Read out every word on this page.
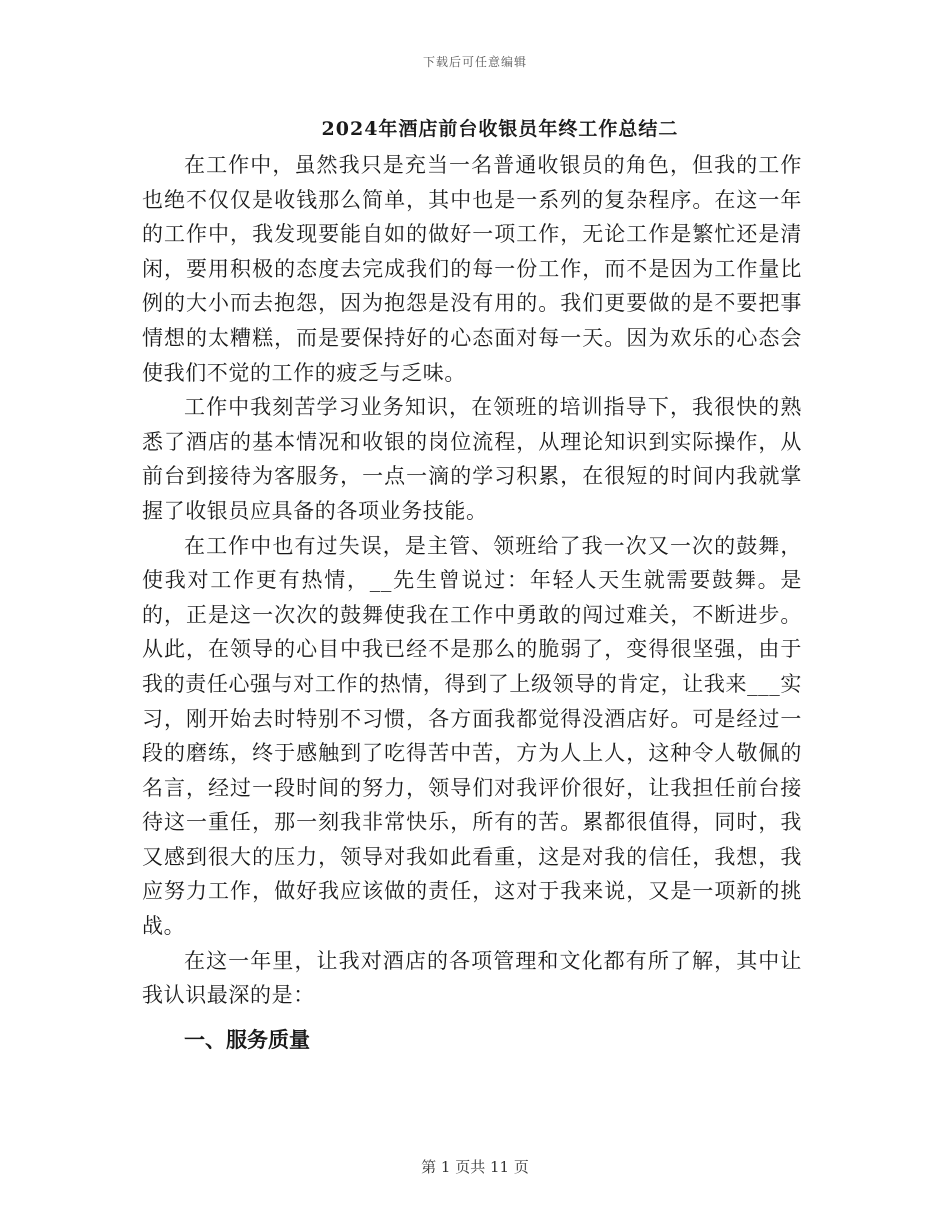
下载后可任意编辑
2024年酒店前台收银员年终工作总结二

在工作中，虽然我只是充当一名普通收银员的角色，但我的工作也绝不仅仅是收钱那么简单，其中也是一系列的复杂程序。在这一年的工作中，我发现要能自如的做好一项工作，无论工作是繁忙还是清闲，要用积极的态度去完成我们的每一份工作，而不是因为工作量比例的大小而去抱怨，因为抱怨是没有用的。我们更要做的是不要把事情想的太糟糕，而是要保持好的心态面对每一天。因为欢乐的心态会使我们不觉的工作的疲乏与乏味。

工作中我刻苦学习业务知识，在领班的培训指导下，我很快的熟悉了酒店的基本情况和收银的岗位流程，从理论知识到实际操作，从前台到接待为客服务，一点一滴的学习积累，在很短的时间内我就掌握了收银员应具备的各项业务技能。

在工作中也有过失误，是主管、领班给了我一次又一次的鼓舞，使我对工作更有热情，__先生曾说过：年轻人天生就需要鼓舞。是的，正是这一次次的鼓舞使我在工作中勇敢的闯过难关，不断进步。从此，在领导的心目中我已经不是那么的脆弱了，变得很坚强，由于我的责任心强与对工作的热情，得到了上级领导的肯定，让我来___实习，刚开始去时特别不习惯，各方面我都觉得没酒店好。可是经过一段的磨练，终于感触到了吃得苦中苦，方为人上人，这种令人敬佩的名言，经过一段时间的努力，领导们对我评价很好，让我担任前台接待这一重任，那一刻我非常快乐，所有的苦。累都很值得，同时，我又感到很大的压力，领导对我如此看重，这是对我的信任，我想，我应努力工作，做好我应该做的责任，这对于我来说，又是一项新的挑战。

在这一年里，让我对酒店的各项管理和文化都有所了解，其中让我认识最深的是：

一、服务质量

第 1 页共 11 页
